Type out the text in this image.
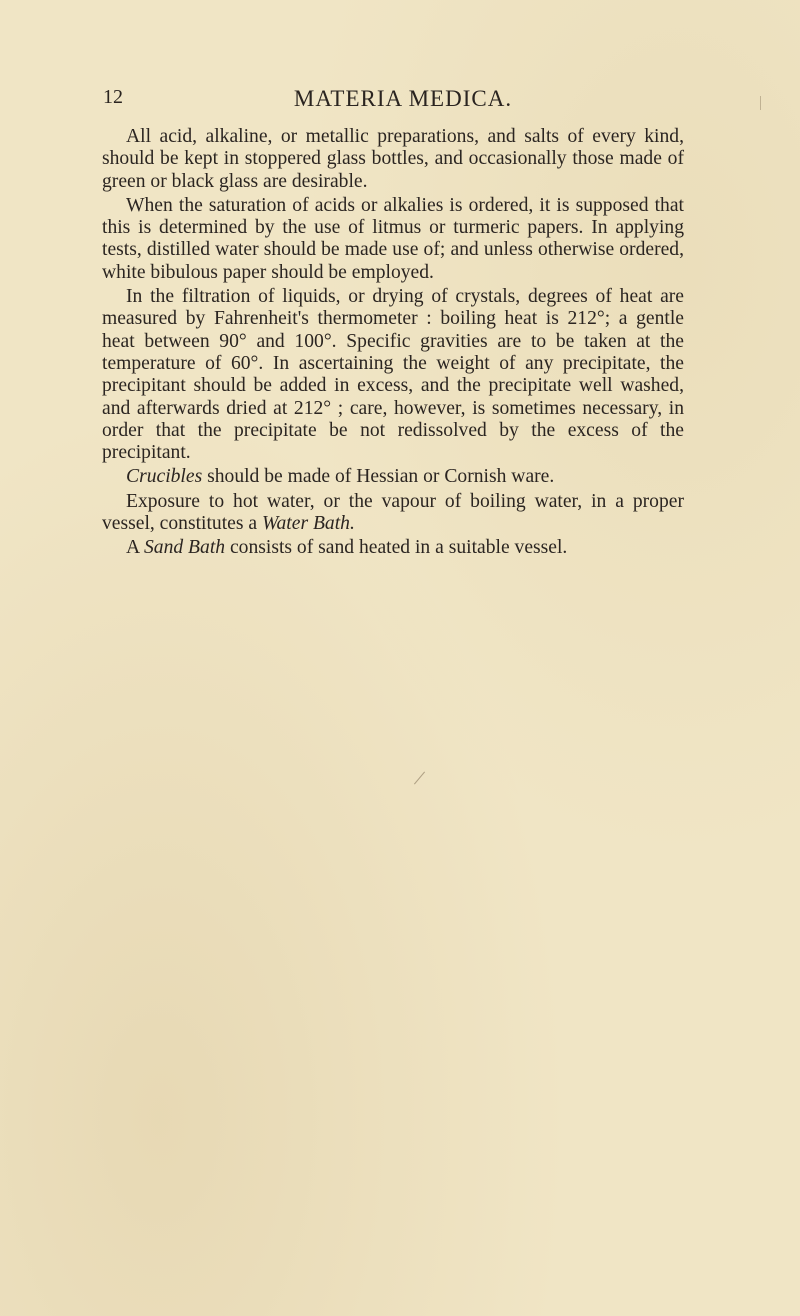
12	MATERIA MEDICA.

All acid, alkaline, or metallic preparations, and salts of every kind, should be kept in stoppered glass bottles, and occasionally those made of green or black glass are desirable.

When the saturation of acids or alkalies is ordered, it is supposed that this is determined by the use of litmus or turmeric papers. In applying tests, distilled water should be made use of; and unless otherwise ordered, white bibulous paper should be employed.

In the filtration of liquids, or drying of crystals, degrees of heat are measured by Fahrenheit's thermometer : boiling heat is 212°; a gentle heat between 90° and 100°. Specific gravities are to be taken at the temperature of 60°. In ascertaining the weight of any precipitate, the precipitant should be added in excess, and the precipitate well washed, and afterwards dried at 212° ; care, however, is sometimes necessary, in order that the precipitate be not redissolved by the excess of the precipitant.

Crucibles should be made of Hessian or Cornish ware.

Exposure to hot water, or the vapour of boiling water, in a proper vessel, constitutes a Water Bath.

A Sand Bath consists of sand heated in a suitable vessel.
